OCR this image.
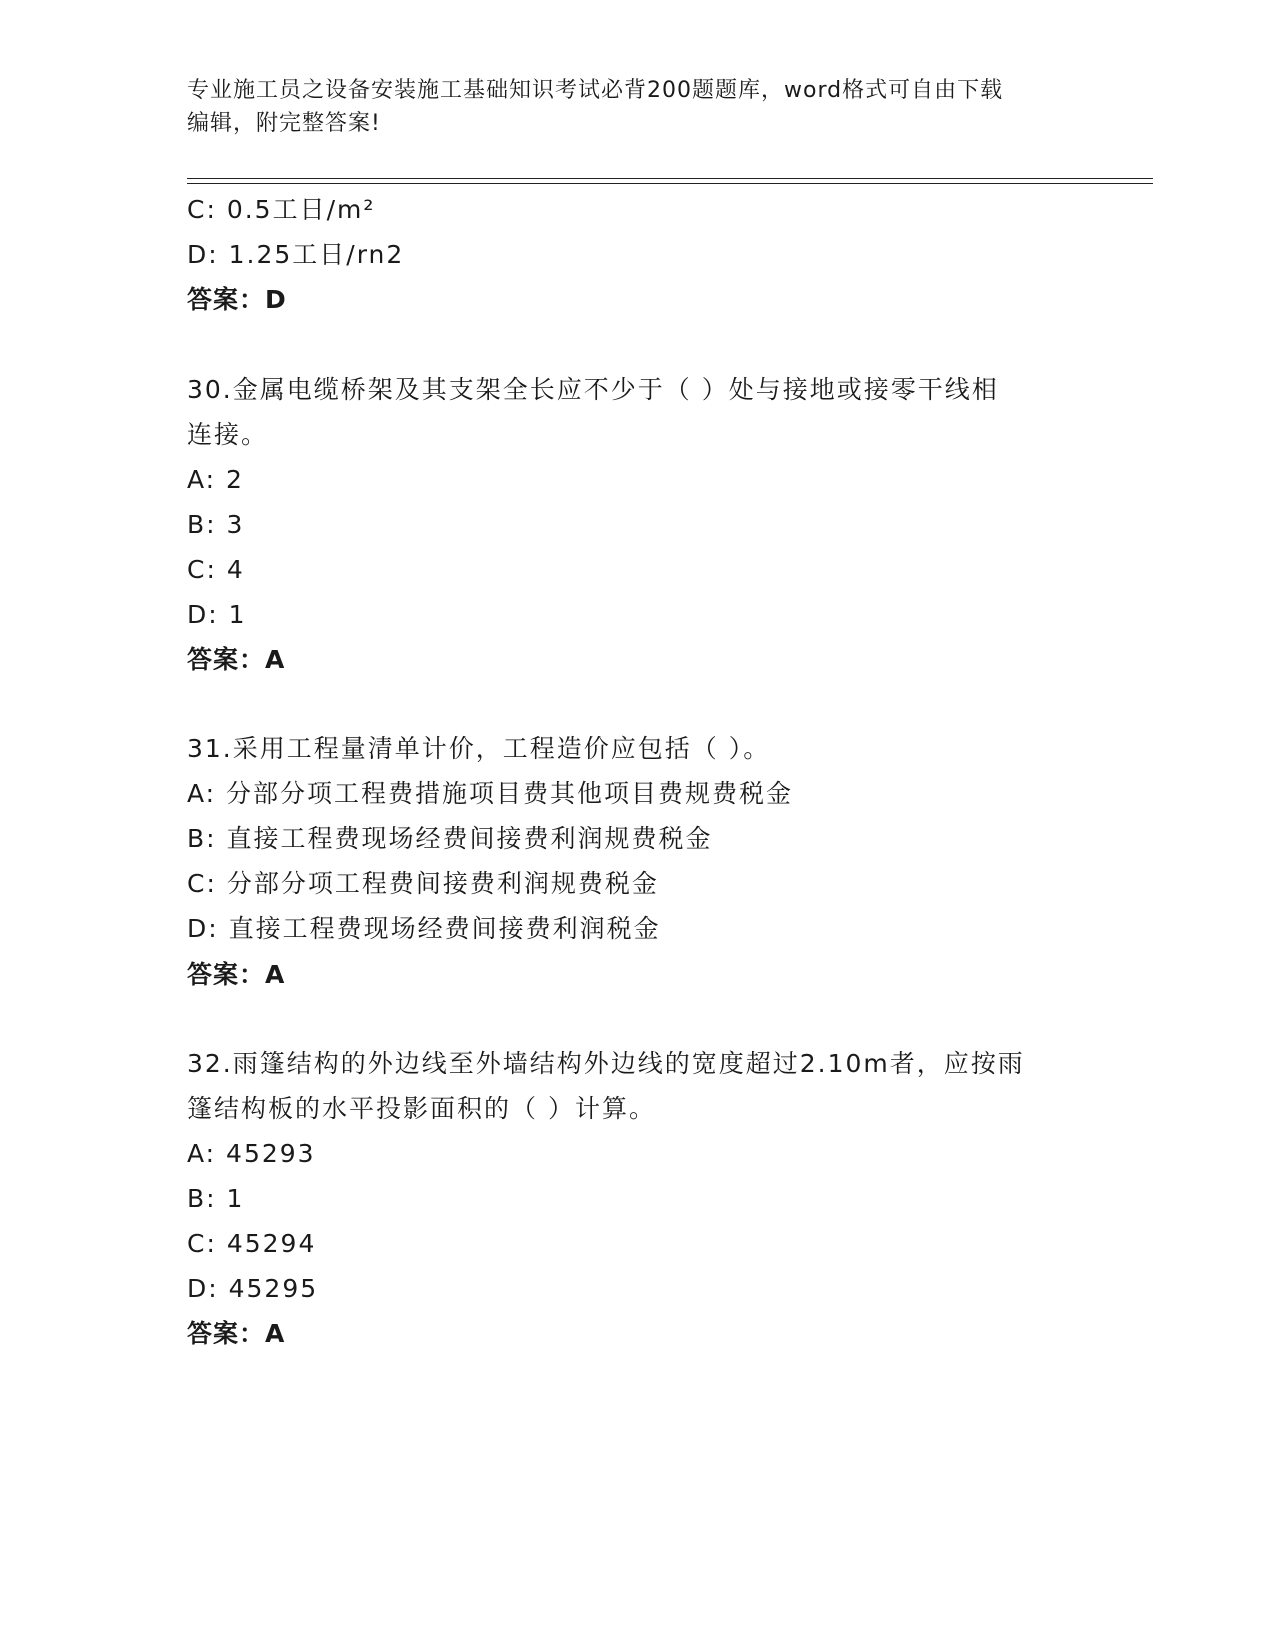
专业施工员之设备安装施工基础知识考试必背200题题库，word格式可自由下载
编辑，附完整答案!
C: 0.5工日/m²
D: 1.25工日/rn2
答案：D
30.金属电缆桥架及其支架全长应不少于（ ）处与接地或接零干线相
连接。
A: 2
B: 3
C: 4
D: 1
答案：A
31.采用工程量清单计价，工程造价应包括（ ）。
A: 分部分项工程费措施项目费其他项目费规费税金
B: 直接工程费现场经费间接费利润规费税金
C: 分部分项工程费间接费利润规费税金
D: 直接工程费现场经费间接费利润税金
答案：A
32.雨篷结构的外边线至外墙结构外边线的宽度超过2.10m者，应按雨
篷结构板的水平投影面积的（ ）计算。
A: 45293
B: 1
C: 45294
D: 45295
答案：A
